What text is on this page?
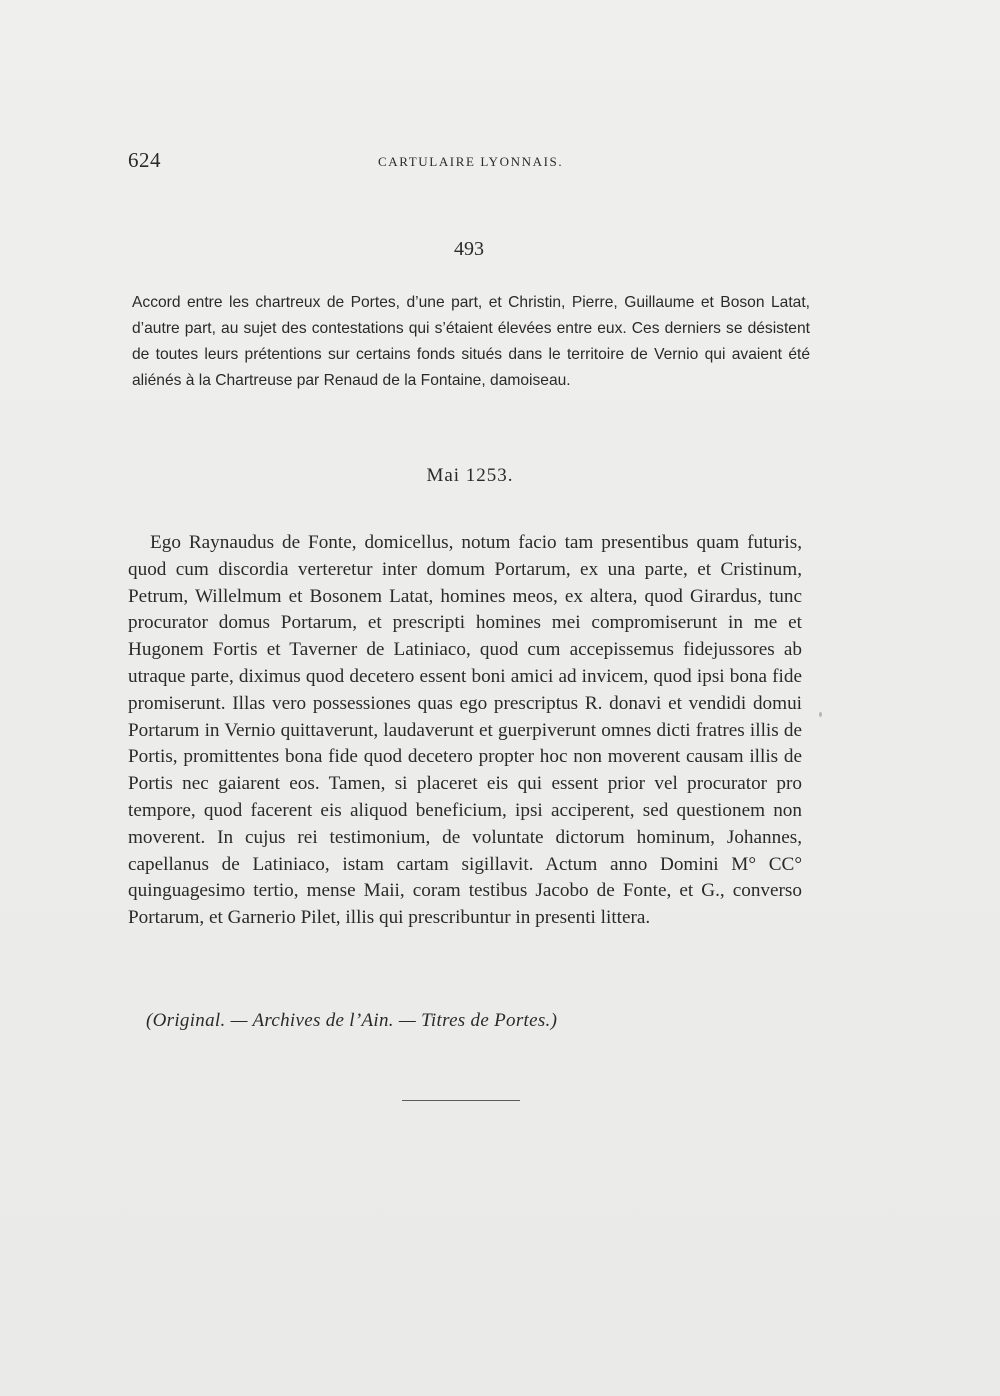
624	CARTULAIRE LYONNAIS.
493

Accord entre les chartreux de Portes, d’une part, et Christin, Pierre, Guillaume et Boson Latat, d’autre part, au sujet des contestations qui s’étaient élevées entre eux. Ces derniers se désistent de toutes leurs prétentions sur certains fonds situés dans le territoire de Vernio qui avaient été aliénés à la Chartreuse par Renaud de la Fontaine, damoiseau.

Mai 1253.

Ego Raynaudus de Fonte, domicellus, notum facio tam presentibus quam futuris, quod cum discordia verteretur inter domum Portarum, ex una parte, et Cristinum, Petrum, Willelmum et Bosonem Latat, homines meos, ex altera, quod Girardus, tunc procurator domus Portarum, et prescripti homines mei compromiserunt in me et Hugonem Fortis et Taverner de Latiniaco, quod cum accepissemus fidejussores ab utraque parte, diximus quod decetero essent boni amici ad invicem, quod ipsi bona fide promiserunt. Illas vero possessiones quas ego prescriptus R. donavi et vendidi domui Portarum in Vernio quittaverunt, laudaverunt et guerpiverunt omnes dicti fratres illis de Portis, promittentes bona fide quod decetero propter hoc non moverent causam illis de Portis nec gaiarent eos. Tamen, si placeret eis qui essent prior vel procurator pro tempore, quod facerent eis aliquod beneficium, ipsi acciperent, sed questionem non moverent. In cujus rei testimonium, de voluntate dictorum hominum, Johannes, capellanus de Latiniaco, istam cartam sigillavit. Actum anno Domini M° CC° quinguagesimo tertio, mense Maii, coram testibus Jacobo de Fonte, et G., converso Portarum, et Garnerio Pilet, illis qui prescribuntur in presenti littera.

(Original. — Archives de l’Ain. — Titres de Portes.)
